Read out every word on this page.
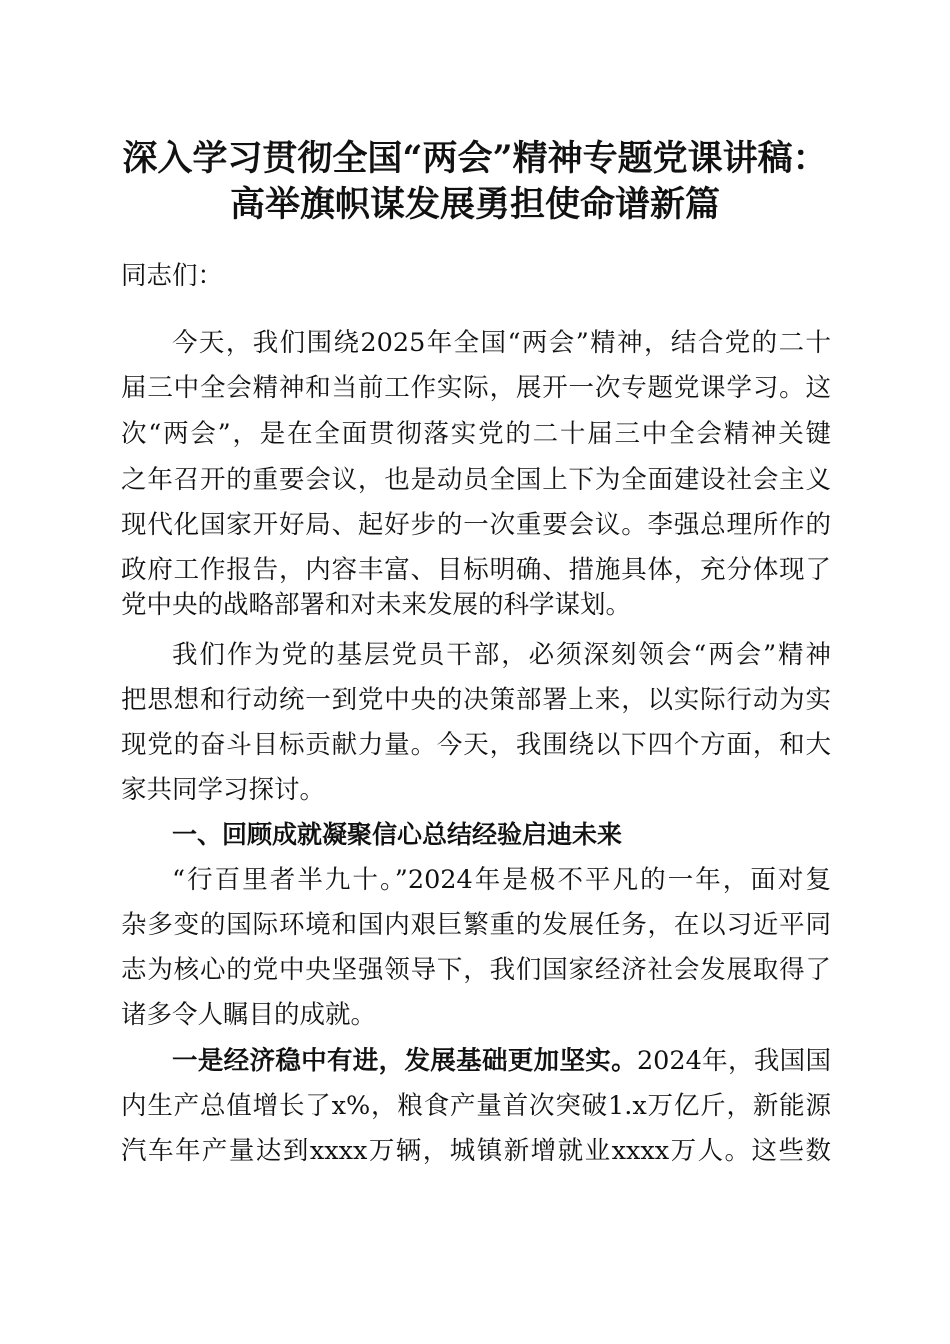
深入学习贯彻全国“两会”精神专题党课讲稿：
高举旗帜谋发展勇担使命谱新篇

同志们：

今天，我们围绕2025年全国“两会”精神，结合党的二十

届三中全会精神和当前工作实际，展开一次专题党课学习。这

次“两会”，是在全面贯彻落实党的二十届三中全会精神关键

之年召开的重要会议，也是动员全国上下为全面建设社会主义

现代化国家开好局、起好步的一次重要会议。李强总理所作的

政府工作报告，内容丰富、目标明确、措施具体，充分体现了

党中央的战略部署和对未来发展的科学谋划。

我们作为党的基层党员干部，必须深刻领会“两会”精神

把思想和行动统一到党中央的决策部署上来，以实际行动为实

现党的奋斗目标贡献力量。今天，我围绕以下四个方面，和大

家共同学习探讨。

一、回顾成就凝聚信心总结经验启迪未来

“行百里者半九十。”2024年是极不平凡的一年，面对复

杂多变的国际环境和国内艰巨繁重的发展任务，在以习近平同

志为核心的党中央坚强领导下，我们国家经济社会发展取得了

诸多令人瞩目的成就。

一是经济稳中有进，发展基础更加坚实。2024年，我国国

内生产总值增长了x%，粮食产量首次突破1.x万亿斤，新能源

汽车年产量达到xxxx万辆，城镇新增就业xxxx万人。这些数
